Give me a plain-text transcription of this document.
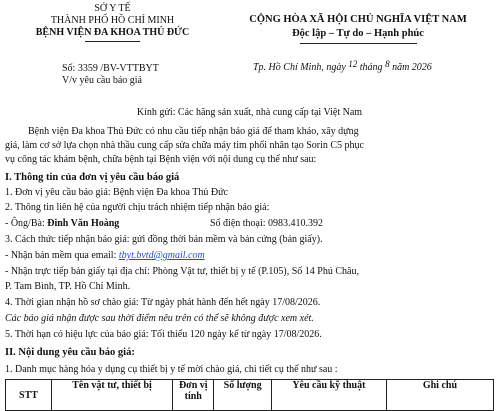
SỞ Y TẾ
THÀNH PHỐ HỒ CHÍ MINH
BỆNH VIỆN ĐA KHOA THỦ ĐỨC
Số: 3359 /BV-VTTBYT
V/v yêu cầu báo giá
CỘNG HÒA XÃ HỘI CHỦ NGHĨA VIỆT NAM
Độc lập – Tự do – Hạnh phúc
Tp. Hồ Chí Minh, ngày 12 tháng 8 năm 2026
Kính gửi: Các hãng sản xuất, nhà cung cấp tại Việt Nam
Bệnh viện Đa khoa Thủ Đức có nhu cầu tiếp nhận báo giá để tham khảo, xây dựng
giá, làm cơ sở lựa chọn nhà thầu cung cấp sửa chữa máy tim phổi nhân tạo Sorin C5 phục
vụ công tác khám bệnh, chữa bệnh tại Bệnh viện với nội dung cụ thể như sau:
I. Thông tin của đơn vị yêu cầu báo giá
1. Đơn vị yêu cầu báo giá: Bệnh viện Đa khoa Thủ Đức
2. Thông tin liên hệ của người chịu trách nhiệm tiếp nhận báo giá:
- Ông/Bà: Đinh Văn Hoàng	Số điện thoại: 0983.410.392
3. Cách thức tiếp nhận báo giá: gửi đồng thời bản mềm và bản cứng (bản giấy).
- Nhận bản mềm qua email: tbyt.bvtd@gmail.com
- Nhận trực tiếp bản giấy tại địa chỉ: Phòng Vật tư, thiết bị y tế (P.105), Số 14 Phú Châu,
P. Tam Bình, TP. Hồ Chí Minh.
4. Thời gian nhận hồ sơ chào giá: Từ ngày phát hành đến hết ngày 17/08/2026.
Các báo giá nhận được sau thời điểm nêu trên có thể sẽ không được xem xét.
5. Thời hạn có hiệu lực của báo giá: Tối thiểu 120 ngày kể từ ngày 17/08/2026.
II. Nội dung yêu cầu báo giá:
1. Danh mục hàng hóa y dụng cụ thiết bị y tế mời chào giá, chi tiết cụ thể như sau :
STT	Tên vật tư, thiết bị	Đơn vị tính	Số lượng	Yêu cầu kỹ thuật	Ghi chú
